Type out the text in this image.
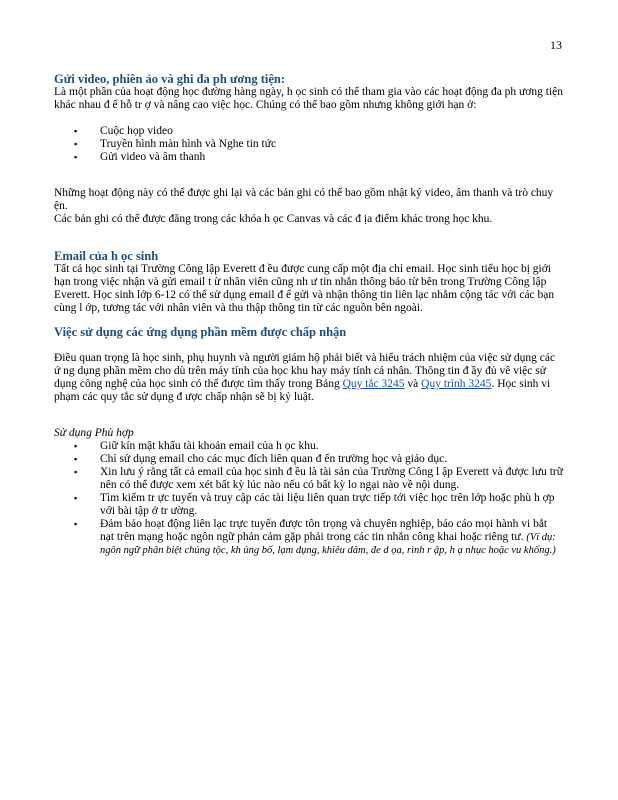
13
Gửi video, phiên ảo và ghi đa ph ương tiện:

Là một phần của hoạt động học đường hàng ngày, h ọc sinh có thể tham gia vào các hoạt động đa ph ương tiện khác nhau đ ể hỗ tr ợ và nâng cao việc học. Chúng có thể bao gồm nhưng không giới hạn ở:

▪ Cuộc họp video
▪ Truyền hình màn hình và Nghe tin tức
▪ Gửi video và âm thanh

Những hoạt động này có thể được ghi lại và các bản ghi có thể bao gồm nhật ký video, âm thanh và trò chuy ện.

Các bản ghi có thể được đăng trong các khóa h ọc Canvas và các đ ịa điểm khác trong học khu.

Email của h ọc sinh

Tất cả học sinh tại Trường Công lập Everett đ ều được cung cấp một địa chỉ email. Học sinh tiểu học bị giới hạn trong việc nhận và gửi email t ừ nhân viên cũng nh ư tin nhắn thông báo từ bên trong Trường Công lập Everett. Học sinh lớp 6-12 có thể sử dụng email đ ể gửi và nhận thông tin liên lạc nhằm cộng tác với các bạn cùng l ớp, tương tác với nhân viên và thu thập thông tin từ các nguồn bên ngoài.

Việc sử dụng các ứng dụng phần mềm được chấp nhận

Điều quan trọng là học sinh, phụ huynh và người giám hộ phải biết và hiểu trách nhiệm của việc sử dụng các ứ ng dụng phần mềm cho dù trên máy tính của học khu hay máy tính cá nhân. Thông tin đ ầy đủ về việc sử dụng công nghệ của học sinh có thể được tìm thấy trong Bảng Quy tắc 3245 và Quy trình 3245. Học sinh vi phạm các quy tắc sử dụng đ ược chấp nhận sẽ bị kỷ luật.

Sử dụng Phù hợp

▪ Giữ kín mật khẩu tài khoản email của h ọc khu.
▪ Chỉ sử dụng email cho các mục đích liên quan đ ến trường học và giáo dục.
▪ Xin lưu ý rằng tất cả email của học sinh đ ều là tài sản của Trường Công l ập Everett và được lưu trữ nên có thể được xem xét bất kỳ lúc nào nếu có bất kỳ lo ngại nào về nội dung.
▪ Tìm kiếm tr ực tuyến và truy cập các tài liệu liên quan trực tiếp tới việc học trên lớp hoặc phù h ợp với bài tập ở tr ường.
▪ Đảm bảo hoạt động liên lạc trực tuyến được tôn trọng và chuyên nghiệp, báo cáo mọi hành vi bắt nạt trên mạng hoặc ngôn ngữ phản cảm gặp phải trong các tin nhắn công khai hoặc riêng tư. (Ví dụ: ngôn ngữ phân biệt chủng tộc, kh ủng bố, lạm dụng, khiêu dâm, đe d ọa, rình r ập, h ạ nhục hoặc vu khống.)
